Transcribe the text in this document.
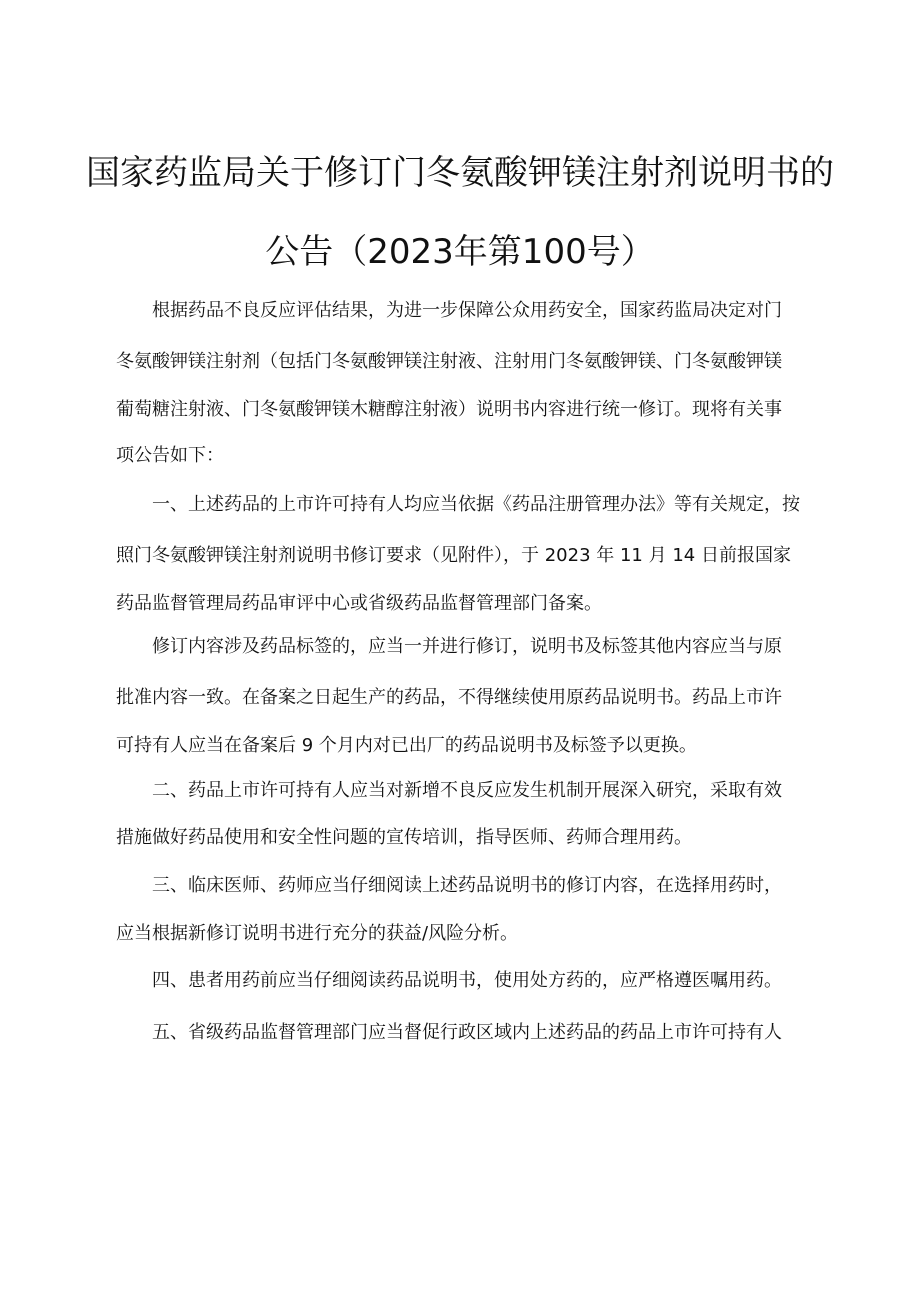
国家药监局关于修订门冬氨酸钾镁注射剂说明书的
公告（2023年第100号）
　　根据药品不良反应评估结果，为进一步保障公众用药安全，国家药监局决定对门
冬氨酸钾镁注射剂（包括门冬氨酸钾镁注射液、注射用门冬氨酸钾镁、门冬氨酸钾镁
葡萄糖注射液、门冬氨酸钾镁木糖醇注射液）说明书内容进行统一修订。现将有关事
项公告如下：
　　一、上述药品的上市许可持有人均应当依据《药品注册管理办法》等有关规定，按
照门冬氨酸钾镁注射剂说明书修订要求（见附件），于 2023 年 11 月 14 日前报国家
药品监督管理局药品审评中心或省级药品监督管理部门备案。
　　修订内容涉及药品标签的，应当一并进行修订，说明书及标签其他内容应当与原
批准内容一致。在备案之日起生产的药品，不得继续使用原药品说明书。药品上市许
可持有人应当在备案后 9 个月内对已出厂的药品说明书及标签予以更换。
　　二、药品上市许可持有人应当对新增不良反应发生机制开展深入研究，采取有效
措施做好药品使用和安全性问题的宣传培训，指导医师、药师合理用药。
　　三、临床医师、药师应当仔细阅读上述药品说明书的修订内容，在选择用药时，
应当根据新修订说明书进行充分的获益/风险分析。
　　四、患者用药前应当仔细阅读药品说明书，使用处方药的，应严格遵医嘱用药。
　　五、省级药品监督管理部门应当督促行政区域内上述药品的药品上市许可持有人
